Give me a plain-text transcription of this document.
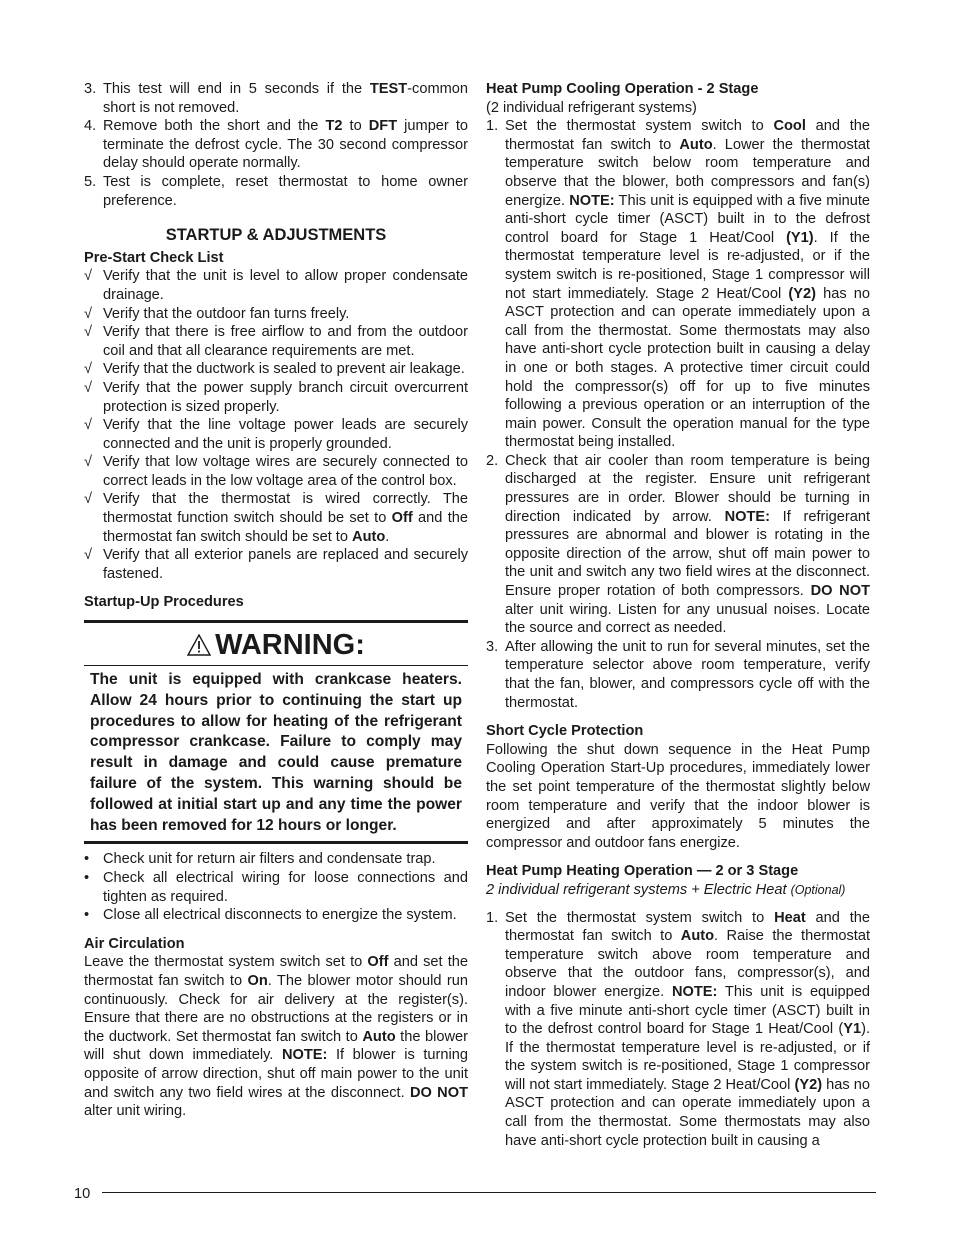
3. This test will end in 5 seconds if the TEST-common short is not removed.
4. Remove both the short and the T2 to DFT jumper to terminate the defrost cycle. The 30 second compressor delay should operate normally.
5. Test is complete, reset thermostat to home owner preference.
STARTUP & ADJUSTMENTS

Pre-Start Check List

√ Verify that the unit is level to allow proper condensate drainage.
√ Verify that the outdoor fan turns freely.
√ Verify that there is free airflow to and from the outdoor coil and that all clearance requirements are met.
√ Verify that the ductwork is sealed to prevent air leakage.
√ Verify that the power supply branch circuit overcurrent protection is sized properly.
√ Verify that the line voltage power leads are securely connected and the unit is properly grounded.
√ Verify that low voltage wires are securely connected to correct leads in the low voltage area of the control box.
√ Verify that the thermostat is wired correctly. The thermostat function switch should be set to Off and the thermostat fan switch should be set to Auto.
√ Verify that all exterior panels are replaced and securely fastened.

Startup-Up Procedures

WARNING:
The unit is equipped with crankcase heaters. Allow 24 hours prior to continuing the start up procedures to allow for heating of the refrigerant compressor crankcase. Failure to comply may result in damage and could cause premature failure of the system. This warning should be followed at initial start up and any time the power has been removed for 12 hours or longer.
• Check unit for return air filters and condensate trap.
• Check all electrical wiring for loose connections and tighten as required.
• Close all electrical disconnects to energize the system.

Air Circulation

Leave the thermostat system switch set to Off and set the thermostat fan switch to On. The blower motor should run continuously. Check for air delivery at the register(s). Ensure that there are no obstructions at the registers or in the ductwork. Set thermostat fan switch to Auto the blower will shut down immediately. NOTE: If blower is turning opposite of arrow direction, shut off main power to the unit and switch any two field wires at the disconnect. DO NOT alter unit wiring.

Heat Pump Cooling Operation - 2 Stage

(2 individual refrigerant systems)

1. Set the thermostat system switch to Cool and the thermostat fan switch to Auto. Lower the thermostat temperature switch below room temperature and observe that the blower, both compressors and fan(s) energize. NOTE: This unit is equipped with a five minute anti-short cycle timer (ASCT) built in to the defrost control board for Stage 1 Heat/Cool (Y1). If the thermostat temperature level is re-adjusted, or if the system switch is re-positioned, Stage 1 compressor will not start immediately. Stage 2 Heat/Cool (Y2) has no ASCT protection and can operate immediately upon a call from the thermostat. Some thermostats may also have anti-short cycle protection built in causing a delay in one or both stages. A protective timer circuit could hold the compressor(s) off for up to five minutes following a previous operation or an interruption of the main power. Consult the operation manual for the type thermostat being installed.
2. Check that air cooler than room temperature is being discharged at the register. Ensure unit refrigerant pressures are in order. Blower should be turning in direction indicated by arrow. NOTE: If refrigerant pressures are abnormal and blower is rotating in the opposite direction of the arrow, shut off main power to the unit and switch any two field wires at the disconnect. Ensure proper rotation of both compressors. DO NOT alter unit wiring. Listen for any unusual noises. Locate the source and correct as needed.
3. After allowing the unit to run for several minutes, set the temperature selector above room temperature, verify that the fan, blower, and compressors cycle off with the thermostat.

Short Cycle Protection

Following the shut down sequence in the Heat Pump Cooling Operation Start-Up procedures, immediately lower the set point temperature of the thermostat slightly below room temperature and verify that the indoor blower is energized and after approximately 5 minutes the compressor and outdoor fans energize.

Heat Pump Heating Operation — 2 or 3 Stage

2 individual refrigerant systems + Electric Heat (Optional)

1. Set the thermostat system switch to Heat and the thermostat fan switch to Auto. Raise the thermostat temperature switch above room temperature and observe that the outdoor fans, compressor(s), and indoor blower energize. NOTE: This unit is equipped with a five minute anti-short cycle timer (ASCT) built in to the defrost control board for Stage 1 Heat/Cool (Y1). If the thermostat temperature level is re-adjusted, or if the system switch is re-positioned, Stage 1 compressor will not start immediately. Stage 2 Heat/Cool (Y2) has no ASCT protection and can operate immediately upon a call from the thermostat. Some thermostats may also have anti-short cycle protection built in causing a
10
